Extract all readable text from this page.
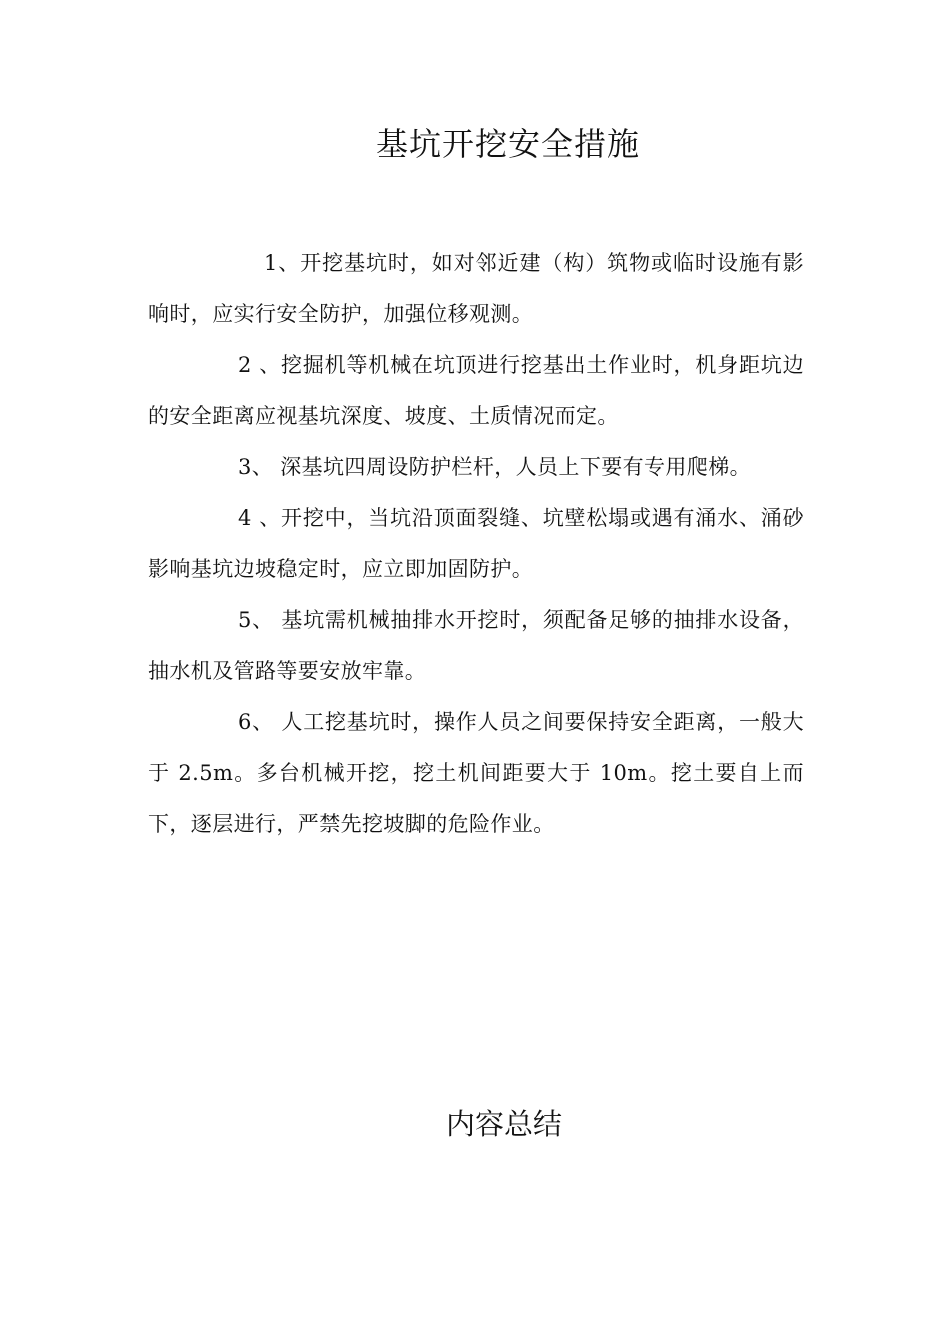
基坑开挖安全措施

1、开挖基坑时，如对邻近建（构）筑物或临时设施有影响时，应实行安全防护，加强位移观测。

2 、挖掘机等机械在坑顶进行挖基出土作业时，机身距坑边的安全距离应视基坑深度、坡度、土质情况而定。

3、 深基坑四周设防护栏杆，人员上下要有专用爬梯。

4 、开挖中，当坑沿顶面裂缝、坑壁松塌或遇有涌水、涌砂影响基坑边坡稳定时，应立即加固防护。

5、 基坑需机械抽排水开挖时，须配备足够的抽排水设备，抽水机及管路等要安放牢靠。

6、 人工挖基坑时，操作人员之间要保持安全距离，一般大于 2.5m。多台机械开挖，挖土机间距要大于 10m。挖土要自上而下，逐层进行，严禁先挖坡脚的危险作业。

内容总结
